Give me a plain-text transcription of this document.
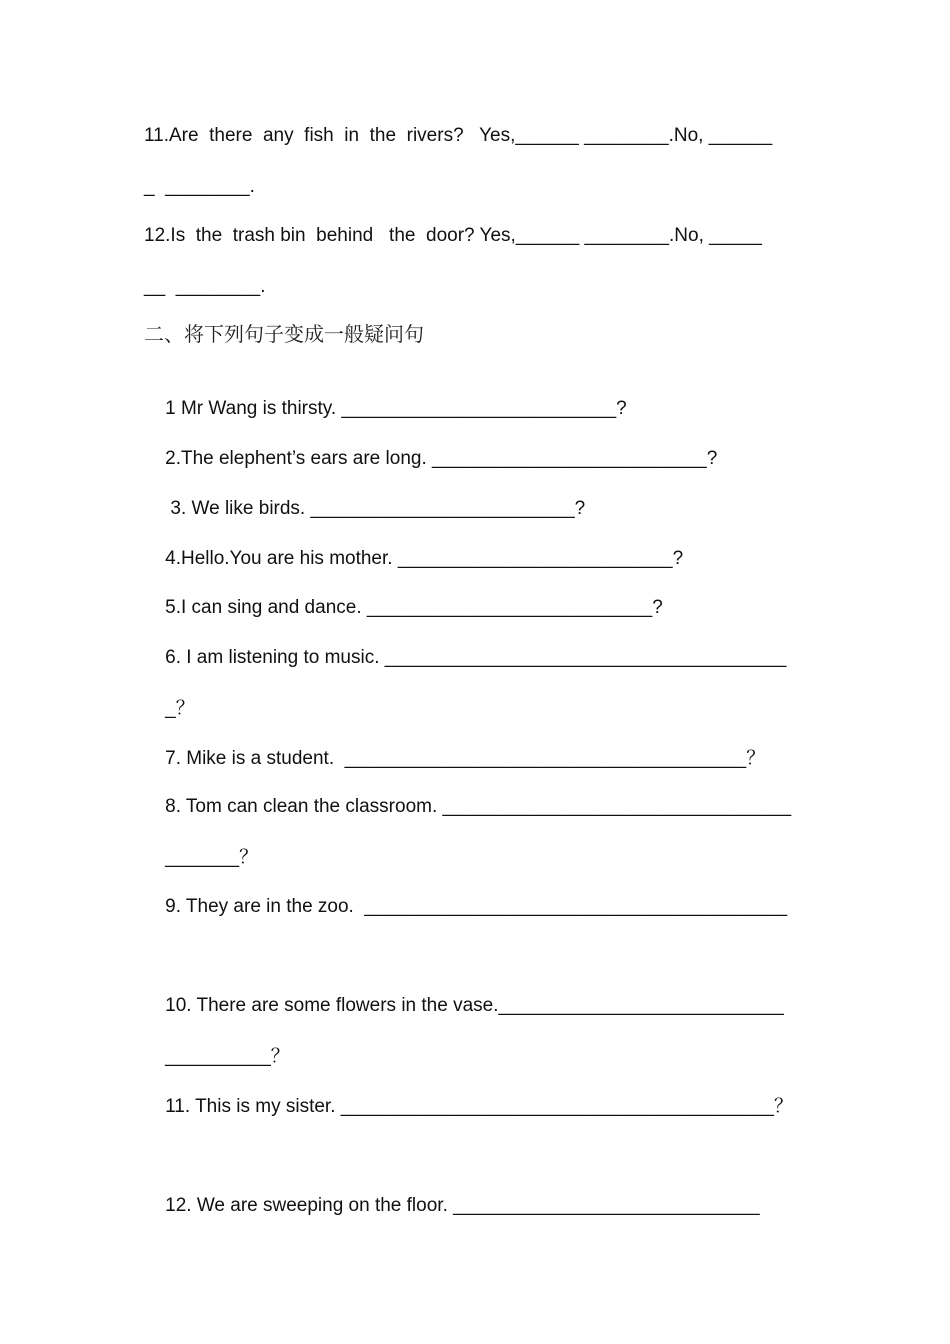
11.Are  there  any  fish  in  the  rivers?   Yes,______ ________.No, ______
_  ________.
12.Is  the  trash bin  behind   the  door? Yes,______ ________.No, _____
__  ________.
二、将下列句子变成一般疑问句

1 Mr Wang is thirsty. __________________________?

2.The elephent’s ears are long. __________________________?

3. We like birds. _________________________?

4.Hello.You are his mother. __________________________?

5.I can sing and dance. ___________________________?

6. I am listening to music. ______________________________________

_？

7. Mike is a student.  ______________________________________？

8. Tom can clean the classroom. _________________________________

_______？

9. They are in the zoo.  ________________________________________

10. There are some flowers in the vase.___________________________

__________？

11. This is my sister. _________________________________________？

12. We are sweeping on the floor. _____________________________
